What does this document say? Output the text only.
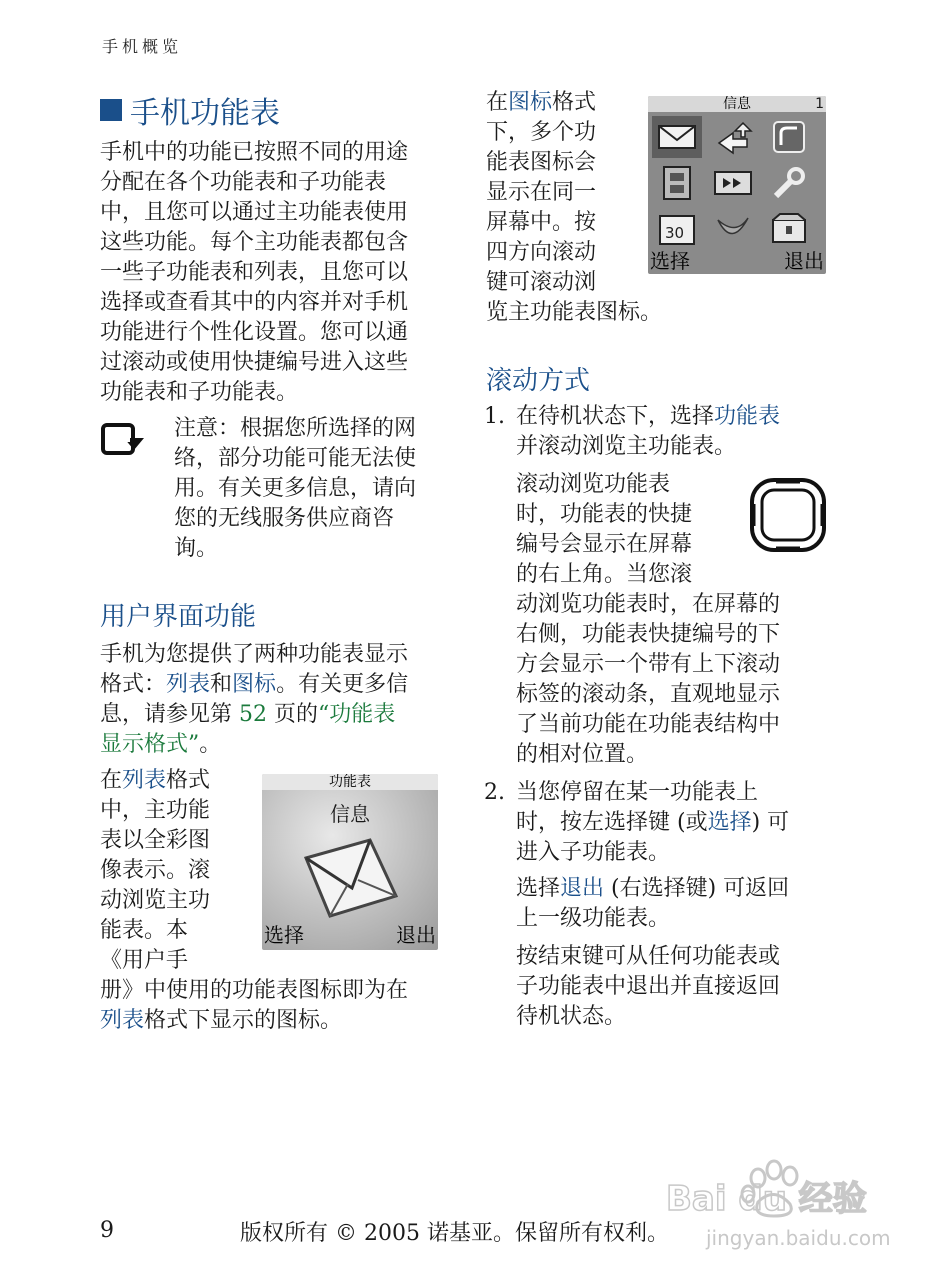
手机概览
手机功能表
手机中的功能已按照不同的用途
分配在各个功能表和子功能表
中，且您可以通过主功能表使用
这些功能。每个主功能表都包含
一些子功能表和列表，且您可以
选择或查看其中的内容并对手机
功能进行个性化设置。您可以通
过滚动或使用快捷编号进入这些
功能表和子功能表。
注意：根据您所选择的网
络，部分功能可能无法使
用。有关更多信息，请向
您的无线服务供应商咨
询。
用户界面功能
手机为您提供了两种功能表显示
格式：列表和图标。有关更多信
息，请参见第 52 页的“功能表
显示格式”。
在列表格式
中，主功能
表以全彩图
像表示。滚
动浏览主功
能表。本
《用户手
册》中使用的功能表图标即为在
列表格式下显示的图标。
功能表
信息
选择	退出
在图标格式
下，多个功
能表图标会
显示在同一
屏幕中。按
四方向滚动
键可滚动浏
览主功能表图标。
信息	1
30
选择	退出
滚动方式
1. 在待机状态下，选择功能表
并滚动浏览主功能表。
滚动浏览功能表
时，功能表的快捷
编号会显示在屏幕
的右上角。当您滚
动浏览功能表时，在屏幕的
右侧，功能表快捷编号的下
方会显示一个带有上下滚动
标签的滚动条，直观地显示
了当前功能在功能表结构中
的相对位置。
2. 当您停留在某一功能表上
时，按左选择键 (或选择) 可
进入子功能表。
选择退出 (右选择键) 可返回
上一级功能表。
按结束键可从任何功能表或
子功能表中退出并直接返回
待机状态。
Bai du 经验
jingyan.baidu.com
9	版权所有 © 2005 诺基亚。保留所有权利。
